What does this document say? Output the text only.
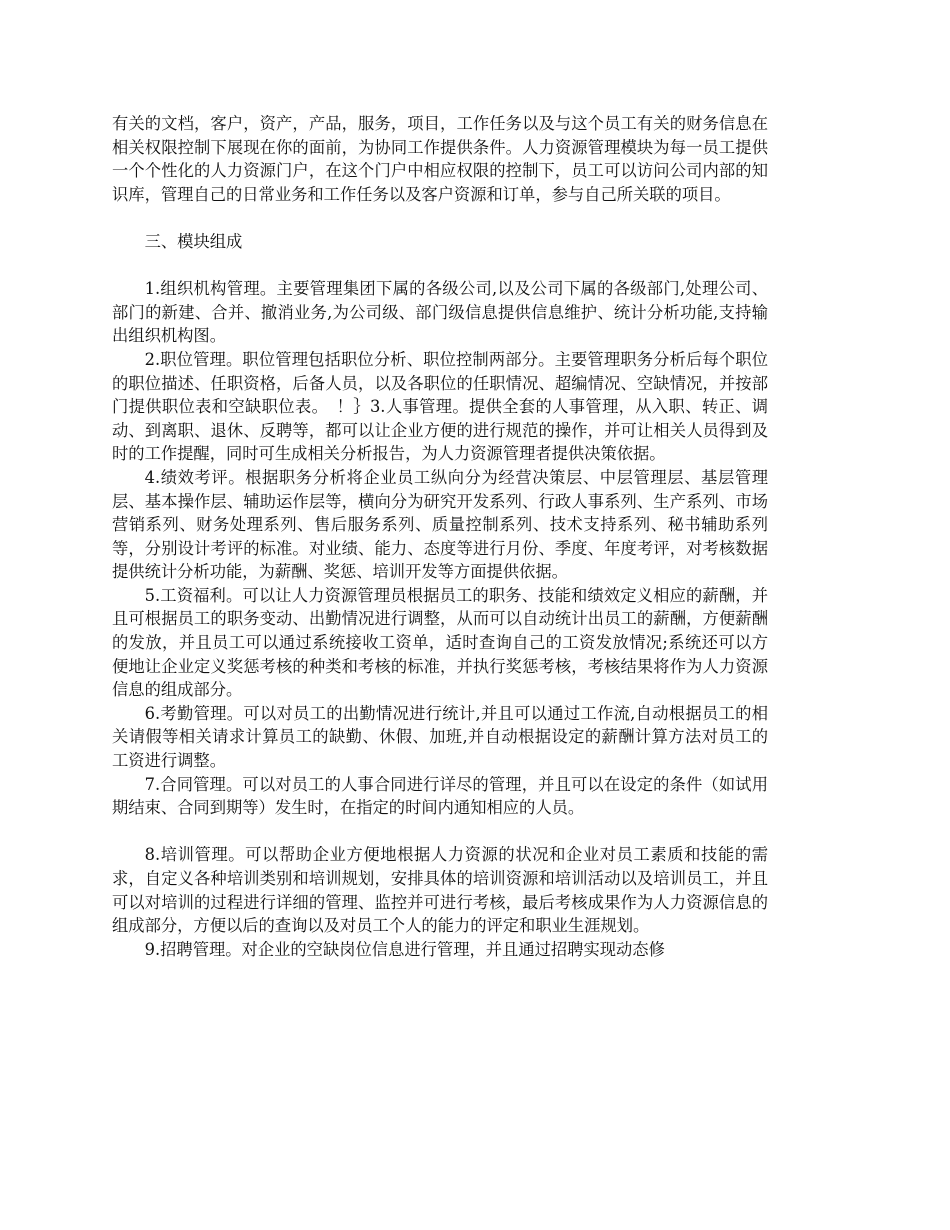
有关的文档，客户，资产，产品，服务，项目，工作任务以及与这个员工有关的财务信息在相关权限控制下展现在你的面前，为协同工作提供条件。人力资源管理模块为每一员工提供一个个性化的人力资源门户，在这个门户中相应权限的控制下，员工可以访问公司内部的知识库，管理自己的日常业务和工作任务以及客户资源和订单，参与自己所关联的项目。

三、模块组成

1.组织机构管理。主要管理集团下属的各级公司,以及公司下属的各级部门,处理公司、部门的新建、合并、撤消业务,为公司级、部门级信息提供信息维护、统计分析功能,支持输出组织机构图。

2.职位管理。职位管理包括职位分析、职位控制两部分。主要管理职务分析后每个职位的职位描述、任职资格，后备人员，以及各职位的任职情况、超编情况、空缺情况，并按部门提供职位表和空缺职位表。　！｝3.人事管理。提供全套的人事管理，从入职、转正、调动、到离职、退休、反聘等，都可以让企业方便的进行规范的操作，并可让相关人员得到及时的工作提醒，同时可生成相关分析报告，为人力资源管理者提供决策依据。

4.绩效考评。根据职务分析将企业员工纵向分为经营决策层、中层管理层、基层管理层、基本操作层、辅助运作层等，横向分为研究开发系列、行政人事系列、生产系列、市场营销系列、财务处理系列、售后服务系列、质量控制系列、技术支持系列、秘书辅助系列等，分别设计考评的标准。对业绩、能力、态度等进行月份、季度、年度考评，对考核数据提供统计分析功能，为薪酬、奖惩、培训开发等方面提供依据。

5.工资福利。可以让人力资源管理员根据员工的职务、技能和绩效定义相应的薪酬，并且可根据员工的职务变动、出勤情况进行调整，从而可以自动统计出员工的薪酬，方便薪酬的发放，并且员工可以通过系统接收工资单，适时查询自己的工资发放情况;系统还可以方便地让企业定义奖惩考核的种类和考核的标准，并执行奖惩考核，考核结果将作为人力资源信息的组成部分。

6.考勤管理。可以对员工的出勤情况进行统计,并且可以通过工作流,自动根据员工的相关请假等相关请求计算员工的缺勤、休假、加班,并自动根据设定的薪酬计算方法对员工的工资进行调整。

7.合同管理。可以对员工的人事合同进行详尽的管理，并且可以在设定的条件（如试用期结束、合同到期等）发生时，在指定的时间内通知相应的人员。

8.培训管理。可以帮助企业方便地根据人力资源的状况和企业对员工素质和技能的需求，自定义各种培训类别和培训规划，安排具体的培训资源和培训活动以及培训员工，并且可以对培训的过程进行详细的管理、监控并可进行考核，最后考核成果作为人力资源信息的组成部分，方便以后的查询以及对员工个人的能力的评定和职业生涯规划。

9.招聘管理。对企业的空缺岗位信息进行管理，并且通过招聘实现动态修
